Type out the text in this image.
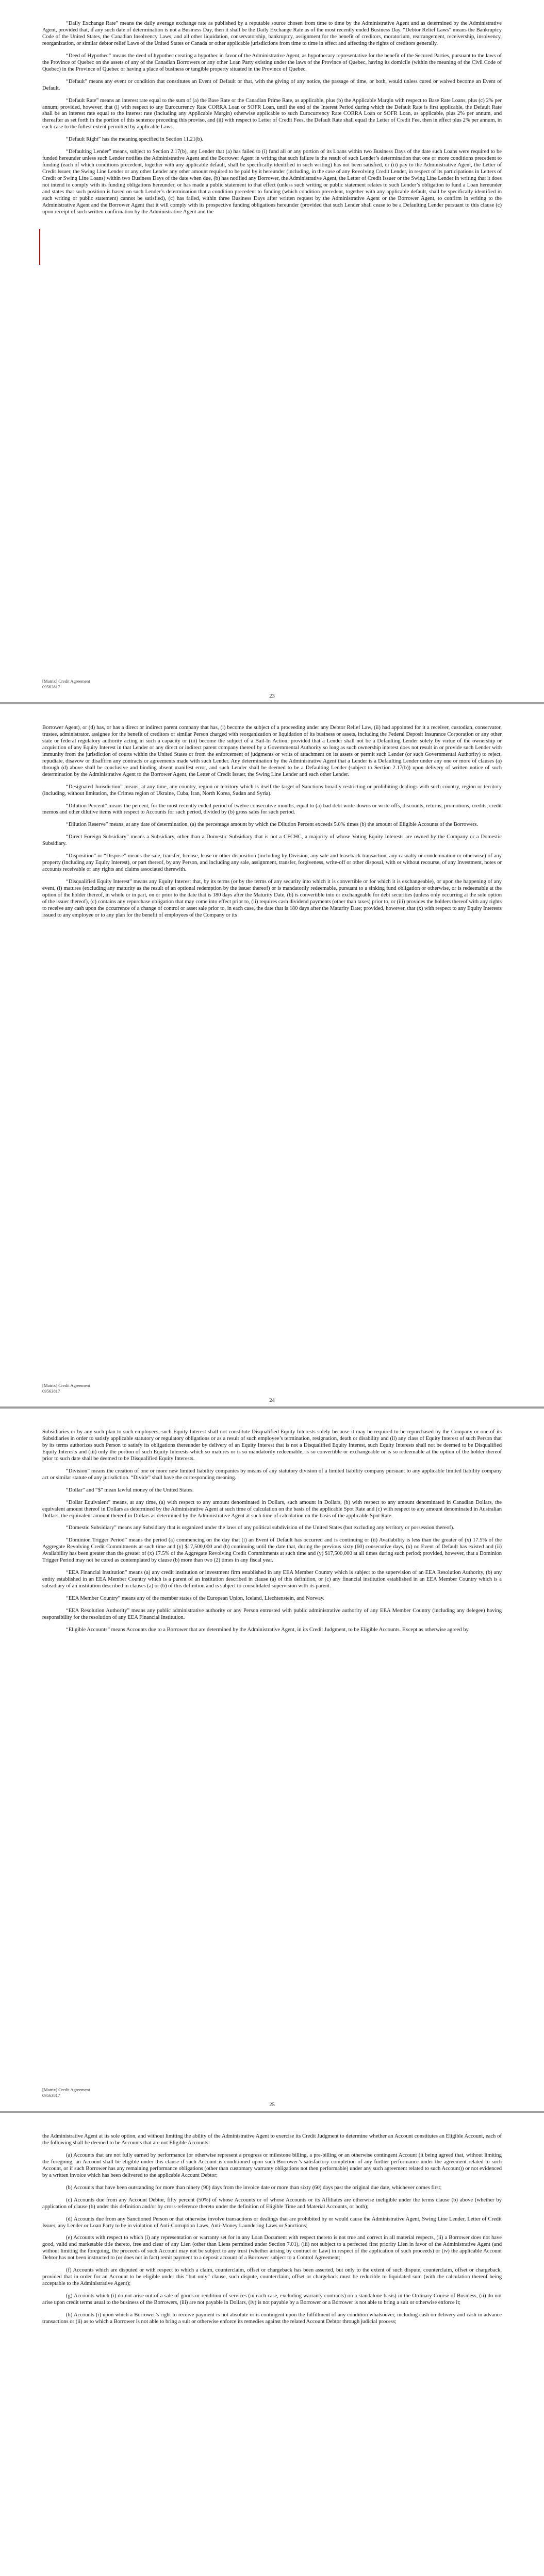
“Daily Exchange Rate” means the daily average exchange rate as published by a reputable source chosen from time to time by the Administrative Agent and as determined by the Administrative Agent, provided that, if any such date of determination is not a Business Day, then it shall be the Daily Exchange Rate as of the most recently ended Business Day. “Debtor Relief Laws” means the Bankruptcy Code of the United States, the Canadian Insolvency Laws, and all other liquidation, conservatorship, bankruptcy, assignment for the benefit of creditors, moratorium, rearrangement, receivership, insolvency, reorganization, or similar debtor relief Laws of the United States or Canada or other applicable jurisdictions from time to time in effect and affecting the rights of creditors generally.

“Deed of Hypothec” means the deed of hypothec creating a hypothec in favor of the Administrative Agent, as hypothecary representative for the benefit of the Secured Parties, pursuant to the laws of the Province of Quebec on the assets of any of the Canadian Borrowers or any other Loan Party existing under the laws of the Province of Quebec, having its domicile (within the meaning of the Civil Code of Quebec) in the Province of Quebec or having a place of business or tangible property situated in the Province of Quebec.

“Default” means any event or condition that constitutes an Event of Default or that, with the giving of any notice, the passage of time, or both, would unless cured or waived become an Event of Default.

“Default Rate” means an interest rate equal to the sum of (a) the Base Rate or the Canadian Prime Rate, as applicable, plus (b) the Applicable Margin with respect to Base Rate Loans, plus (c) 2% per annum; provided, however, that (i) with respect to any Eurocurrency Rate CORRA Loan or SOFR Loan, until the end of the Interest Period during which the Default Rate is first applicable, the Default Rate shall be an interest rate equal to the interest rate (including any Applicable Margin) otherwise applicable to such Eurocurrency Rate CORRA Loan or SOFR Loan, as applicable, plus 2% per annum, and thereafter as set forth in the portion of this sentence preceding this proviso, and (ii) with respect to Letter of Credit Fees, the Default Rate shall equal the Letter of Credit Fee, then in effect plus 2% per annum, in each case to the fullest extent permitted by applicable Laws.

“Default Right” has the meaning specified in Section 11.21(b).

“Defaulting Lender” means, subject to Section 2.17(b), any Lender that (a) has failed to (i) fund all or any portion of its Loans within two Business Days of the date such Loans were required to be funded hereunder unless such Lender notifies the Administrative Agent and the Borrower Agent in writing that such failure is the result of such Lender’s determination that one or more conditions precedent to funding (each of which conditions precedent, together with any applicable default, shall be specifically identified in such writing) has not been satisfied, or (ii) pay to the Administrative Agent, the Letter of Credit Issuer, the Swing Line Lender or any other Lender any other amount required to be paid by it hereunder (including, in the case of any Revolving Credit Lender, in respect of its participations in Letters of Credit or Swing Line Loans) within two Business Days of the date when due, (b) has notified any Borrower, the Administrative Agent, the Letter of Credit Issuer or the Swing Line Lender in writing that it does not intend to comply with its funding obligations hereunder, or has made a public statement to that effect (unless such writing or public statement relates to such Lender’s obligation to fund a Loan hereunder and states that such position is based on such Lender’s determination that a condition precedent to funding (which condition precedent, together with any applicable default, shall be specifically identified in such writing or public statement) cannot be satisfied), (c) has failed, within three Business Days after written request by the Administrative Agent or the Borrower Agent, to confirm in writing to the Administrative Agent and the Borrower Agent that it will comply with its prospective funding obligations hereunder (provided that such Lender shall cease to be a Defaulting Lender pursuant to this clause (c) upon receipt of such written confirmation by the Administrative Agent and the

23
[Matrix] Credit Agreement
09563817

Borrower Agent), or (d) has, or has a direct or indirect parent company that has, (i) become the subject of a proceeding under any Debtor Relief Law, (ii) had appointed for it a receiver, custodian, conservator, trustee, administrator, assignee for the benefit of creditors or similar Person charged with reorganization or liquidation of its business or assets, including the Federal Deposit Insurance Corporation or any other state or federal regulatory authority acting in such a capacity or (iii) become the subject of a Bail-In Action; provided that a Lender shall not be a Defaulting Lender solely by virtue of the ownership or acquisition of any Equity Interest in that Lender or any direct or indirect parent company thereof by a Governmental Authority so long as such ownership interest does not result in or provide such Lender with immunity from the jurisdiction of courts within the United States or from the enforcement of judgments or writs of attachment on its assets or permit such Lender (or such Governmental Authority) to reject, repudiate, disavow or disaffirm any contracts or agreements made with such Lender. Any determination by the Administrative Agent that a Lender is a Defaulting Lender under any one or more of clauses (a) through (d) above shall be conclusive and binding absent manifest error, and such Lender shall be deemed to be a Defaulting Lender (subject to Section 2.17(b)) upon delivery of written notice of such determination by the Administrative Agent to the Borrower Agent, the Letter of Credit Issuer, the Swing Line Lender and each other Lender.

“Designated Jurisdiction” means, at any time, any country, region or territory which is itself the target of Sanctions broadly restricting or prohibiting dealings with such country, region or territory (including, without limitation, the Crimea region of Ukraine, Cuba, Iran, North Korea, Sudan and Syria).

“Dilution Percent” means the percent, for the most recently ended period of twelve consecutive months, equal to (a) bad debt write-downs or write-offs, discounts, returns, promotions, credits, credit memos and other dilutive items with respect to Accounts for such period, divided by (b) gross sales for such period.

“Dilution Reserve” means, at any date of determination, (a) the percentage amount by which the Dilution Percent exceeds 5.0% times (b) the amount of Eligible Accounts of the Borrowers.

“Direct Foreign Subsidiary” means a Subsidiary, other than a Domestic Subsidiary that is not a CFCHC, a majority of whose Voting Equity Interests are owned by the Company or a Domestic Subsidiary.

“Disposition” or “Dispose” means the sale, transfer, license, lease or other disposition (including by Division, any sale and leaseback transaction, any casualty or condemnation or otherwise) of any property (including any Equity Interest), or part thereof, by any Person, and including any sale, assignment, transfer, forgiveness, write-off or other disposal, with or without recourse, of any Investment, notes or accounts receivable or any rights and claims associated therewith.

“Disqualified Equity Interest” means any Equity Interest that, by its terms (or by the terms of any security into which it is convertible or for which it is exchangeable), or upon the happening of any event, (i) matures (excluding any maturity as the result of an optional redemption by the issuer thereof) or is mandatorily redeemable, pursuant to a sinking fund obligation or otherwise, or is redeemable at the option of the holder thereof, in whole or in part, on or prior to the date that is 180 days after the Maturity Date, (b) is convertible into or exchangeable for debt securities (unless only occurring at the sole option of the issuer thereof), (c) contains any repurchase obligation that may come into effect prior to, (ii) requires cash dividend payments (other than taxes) prior to, or (iii) provides the holders thereof with any rights to receive any cash upon the occurrence of a change of control or asset sale prior to, in each case, the date that is 180 days after the Maturity Date; provided, however, that (x) with respect to any Equity Interests issued to any employee or to any plan for the benefit of employees of the Company or its

24
[Matrix] Credit Agreement
09563817

Subsidiaries or by any such plan to such employees, such Equity Interest shall not constitute Disqualified Equity Interests solely because it may be required to be repurchased by the Company or one of its Subsidiaries in order to satisfy applicable statutory or regulatory obligations or as a result of such employee’s termination, resignation, death or disability and (ii) any class of Equity Interest of such Person that by its terms authorizes such Person to satisfy its obligations thereunder by delivery of an Equity Interest that is not a Disqualified Equity Interest, such Equity Interests shall not be deemed to be Disqualified Equity Interests and (iii) only the portion of such Equity Interests which so matures or is so mandatorily redeemable, is so convertible or exchangeable or is so redeemable at the option of the holder thereof prior to such date shall be deemed to be Disqualified Equity Interests.

“Division” means the creation of one or more new limited liability companies by means of any statutory division of a limited liability company pursuant to any applicable limited liability company act or similar statute of any jurisdiction. “Divide” shall have the corresponding meaning.

“Dollar” and “$” mean lawful money of the United States.

“Dollar Equivalent” means, at any time, (a) with respect to any amount denominated in Dollars, such amount in Dollars, (b) with respect to any amount denominated in Canadian Dollars, the equivalent amount thereof in Dollars as determined by the Administrative Agent at such time of calculation on the basis of the applicable Spot Rate and (c) with respect to any amount denominated in Australian Dollars, the equivalent amount thereof in Dollars as determined by the Administrative Agent at such time of calculation on the basis of the applicable Spot Rate.

“Domestic Subsidiary” means any Subsidiary that is organized under the laws of any political subdivision of the United States (but excluding any territory or possession thereof).

“Dominion Trigger Period” means the period (a) commencing on the day that (i) an Event of Default has occurred and is continuing or (ii) Availability is less than the greater of (x) 17.5% of the Aggregate Revolving Credit Commitments at such time and (y) $17,500,000 and (b) continuing until the date that, during the previous sixty (60) consecutive days, (x) no Event of Default has existed and (ii) Availability has been greater than the greater of (x) 17.5% of the Aggregate Revolving Credit Commitments at such time and (y) $17,500,000 at all times during such period; provided, however, that a Dominion Trigger Period may not be cured as contemplated by clause (b) more than two (2) times in any fiscal year.

“EEA Financial Institution” means (a) any credit institution or investment firm established in any EEA Member Country which is subject to the supervision of an EEA Resolution Authority, (b) any entity established in an EEA Member Country which is a parent of an institution described in clause (a) of this definition, or (c) any financial institution established in an EEA Member Country which is a subsidiary of an institution described in clauses (a) or (b) of this definition and is subject to consolidated supervision with its parent.

“EEA Member Country” means any of the member states of the European Union, Iceland, Liechtenstein, and Norway.

“EEA Resolution Authority” means any public administrative authority or any Person entrusted with public administrative authority of any EEA Member Country (including any delegee) having responsibility for the resolution of any EEA Financial Institution.

“Eligible Accounts” means Accounts due to a Borrower that are determined by the Administrative Agent, in its Credit Judgment, to be Eligible Accounts. Except as otherwise agreed by

25
[Matrix] Credit Agreement
09563817

the Administrative Agent at its sole option, and without limiting the ability of the Administrative Agent to exercise its Credit Judgment to determine whether an Account constitutes an Eligible Account, each of the following shall be deemed to be Accounts that are not Eligible Accounts:

(a) Accounts that are not fully earned by performance (or otherwise represent a progress or milestone billing, a pre-billing or an otherwise contingent Account (it being agreed that, without limiting the foregoing, an Account shall be eligible under this clause if such Account is conditioned upon such Borrower’s satisfactory completion of any further performance under the agreement related to such Account, or if such Borrower has any remaining performance obligations (other than customary warranty obligations not then performable) under any such agreement related to such Account)) or not evidenced by a written invoice which has been delivered to the applicable Account Debtor;

(b) Accounts that have been outstanding for more than ninety (90) days from the invoice date or more than sixty (60) days past the original due date, whichever comes first;

(c) Accounts due from any Account Debtor, fifty percent (50%) of whose Accounts or of whose Accounts or its Affiliates are otherwise ineligible under the terms clause (b) above (whether by application of clause (b) under this definition and/or by cross-reference thereto under the definition of Eligible Time and Material Accounts, or both);

(d) Accounts due from any Sanctioned Person or that otherwise involve transactions or dealings that are prohibited by or would cause the Administrative Agent, Swing Line Lender, Letter of Credit Issuer, any Lender or Loan Party to be in violation of Anti-Corruption Laws, Anti-Money Laundering Laws or Sanctions;

(e) Accounts with respect to which (i) any representation or warranty set for in any Loan Document with respect thereto is not true and correct in all material respects, (ii) a Borrower does not have good, valid and marketable title thereto, free and clear of any Lien (other than Liens permitted under Section 7.01), (iii) not subject to a perfected first priority Lien in favor of the Administrative Agent (and without limiting the foregoing, the proceeds of such Account may not be subject to any trust (whether arising by contract or Law) in respect of the application of such proceeds) or (iv) the applicable Account Debtor has not been instructed to (or does not in fact) remit payment to a deposit account of a Borrower subject to a Control Agreement;

(f) Accounts which are disputed or with respect to which a claim, counterclaim, offset or chargeback has been asserted, but only to the extent of such dispute, counterclaim, offset or chargeback, provided that in order for an Account to be eligible under this “but only” clause, such dispute, counterclaim, offset or chargeback must be reducible to liquidated sum (with the calculation thereof being acceptable to the Administrative Agent);

(g) Accounts which (i) do not arise out of a sale of goods or rendition of services (in each case, excluding warranty contracts) on a standalone basis) in the Ordinary Course of Business, (ii) do not arise upon credit terms usual to the business of the Borrowers, (iii) are not payable in Dollars, (iv) is not payable by a Borrower or a Borrower is not able to bring a suit or otherwise enforce it;

(h) Accounts (i) upon which a Borrower’s right to receive payment is not absolute or is contingent upon the fulfillment of any condition whatsoever, including cash on delivery and cash in advance transactions or (ii) as to which a Borrower is not able to bring a suit or otherwise enforce its remedies against the related Account Debtor through judicial process;
